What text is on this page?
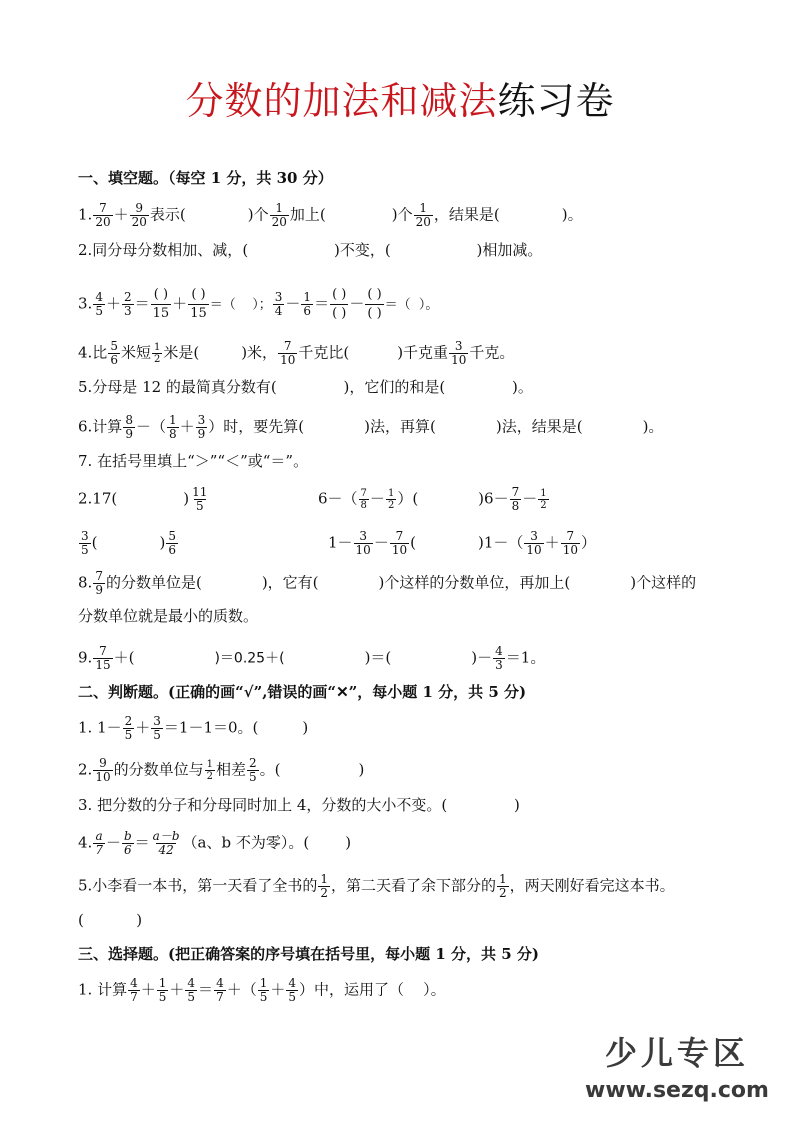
分数的加法和减法练习卷
一、填空题。（每空 1 分，共 30 分）
1. $\frac{7}{20} + \frac{9}{20}$ 表示(	)个 $\frac{1}{20}$ 加上(	)个 $\frac{1}{20}$ ，结果是(	)。
2.同分母分数相加、减，(                  )不变，(                  )相加减。
3. $\frac{4}{5} + \frac{2}{3} = \frac{( )}{15} + \frac{( )}{15}$ ＝（    ）； $\frac{3}{4} - \frac{1}{6} = \frac{( )}{( )} - \frac{( )}{( )}$ ＝（  ）。
4.比 $\frac{5}{6}$ 米短 $\frac{1}{2}$ 米是(	)米， $\frac{7}{10}$ 千克比(	)千克重 $\frac{3}{10}$ 千克。
5.分母是 12 的最简真分数有(              )，它们的和是(              )。
6.计算 $\frac{8}{9}$ －（ $\frac{1}{8} + \frac{3}{9}$ ）时，要先算(	)法，再算(	)法，结果是(	)。
7. 在括号里填上“＞”“＜”或“＝”。
2.17(	) $\frac{11}{5}$	$6-( \frac{7}{8} - \frac{1}{2}$ ）(	)$6- \frac{7}{8} - \frac{1}{2}$

$\frac{3}{5}$ (	) $\frac{5}{6}$	$1- \frac{3}{10} - \frac{7}{10}$ (	)$1-( \frac{3}{10} + \frac{7}{10}$ ）

8. $\frac{7}{9}$ 的分数单位是(	)，它有(	)个这样的分数单位，再加上(	)个这样的
分数单位就是最小的质数。
9. $\frac{7}{15}$ ＋(	)＝0.25＋(	)＝(	)－ $\frac{4}{3} =1$。
二、判断题。(正确的画“√”,错误的画“✕”，每小题 1 分，共 5 分)
1. $1- \frac{2}{5} + \frac{3}{5} =1-1=0$。(	)
2. $\frac{9}{10}$ 的分数单位与 $\frac{1}{2}$ 相差 $\frac{2}{5}$ 。(	)
3. 把分数的分子和分母同时加上 4，分数的大小不变。(              )
4. $\frac{a}{7} - \frac{b}{6} = \frac{a-b}{42} (a$、b 不为零）。( )
5.小李看一本书，第一天看了全书的 $\frac{1}{2}$ ，第二天看了余下部分的 $\frac{1}{2}$ ，两天刚好看完这本书。
(           )
三、选择题。(把正确答案的序号填在括号里，每小题 1 分，共 5 分)
1. 计算 $\frac{4}{7} + \frac{1}{5} + \frac{4}{5} = \frac{4}{7}$ ＋（ $\frac{1}{5} + \frac{4}{5}$ ）中，运用了（    ）。
少儿专区
www.sezq.com
